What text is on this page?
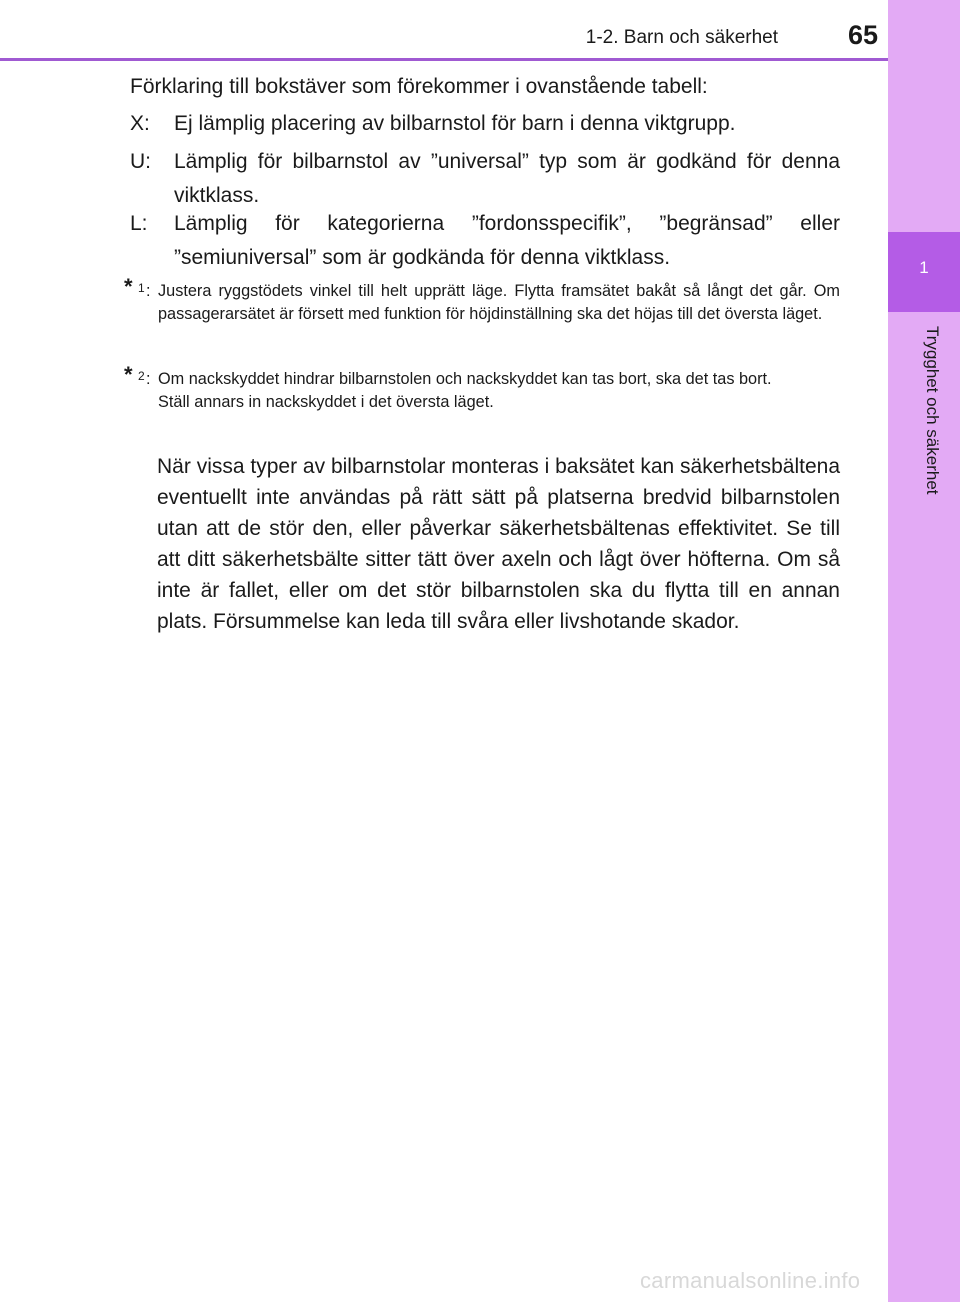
1-2. Barn och säkerhet	65
1
Trygghet och säkerhet
Förklaring till bokstäver som förekommer i ovanstående tabell:
X:	Ej lämplig placering av bilbarnstol för barn i denna viktgrupp.
U:	Lämplig för bilbarnstol av ”universal” typ som är godkänd för denna viktklass.
L:	Lämplig för kategorierna ”fordonsspecifik”, ”begränsad” eller ”semiuniversal” som är godkända för denna viktklass.
* 1 : Justera ryggstödets vinkel till helt upprätt läge. Flytta framsätet bakåt så långt det går. Om passagerarsätet är försett med funktion för höjdinställning ska det höjas till det översta läget.
* 2 : Om nackskyddet hindrar bilbarnstolen och nackskyddet kan tas bort, ska det tas bort.
Ställ annars in nackskyddet i det översta läget.
När vissa typer av bilbarnstolar monteras i baksätet kan säkerhetsbältena eventuellt inte användas på rätt sätt på platserna bredvid bilbarnstolen utan att de stör den, eller påverkar säkerhetsbältenas effektivitet. Se till att ditt säkerhetsbälte sitter tätt över axeln och lågt över höfterna. Om så inte är fallet, eller om det stör bilbarnstolen ska du flytta till en annan plats. Försummelse kan leda till svåra eller livshotande skador.
carmanualsonline.info
